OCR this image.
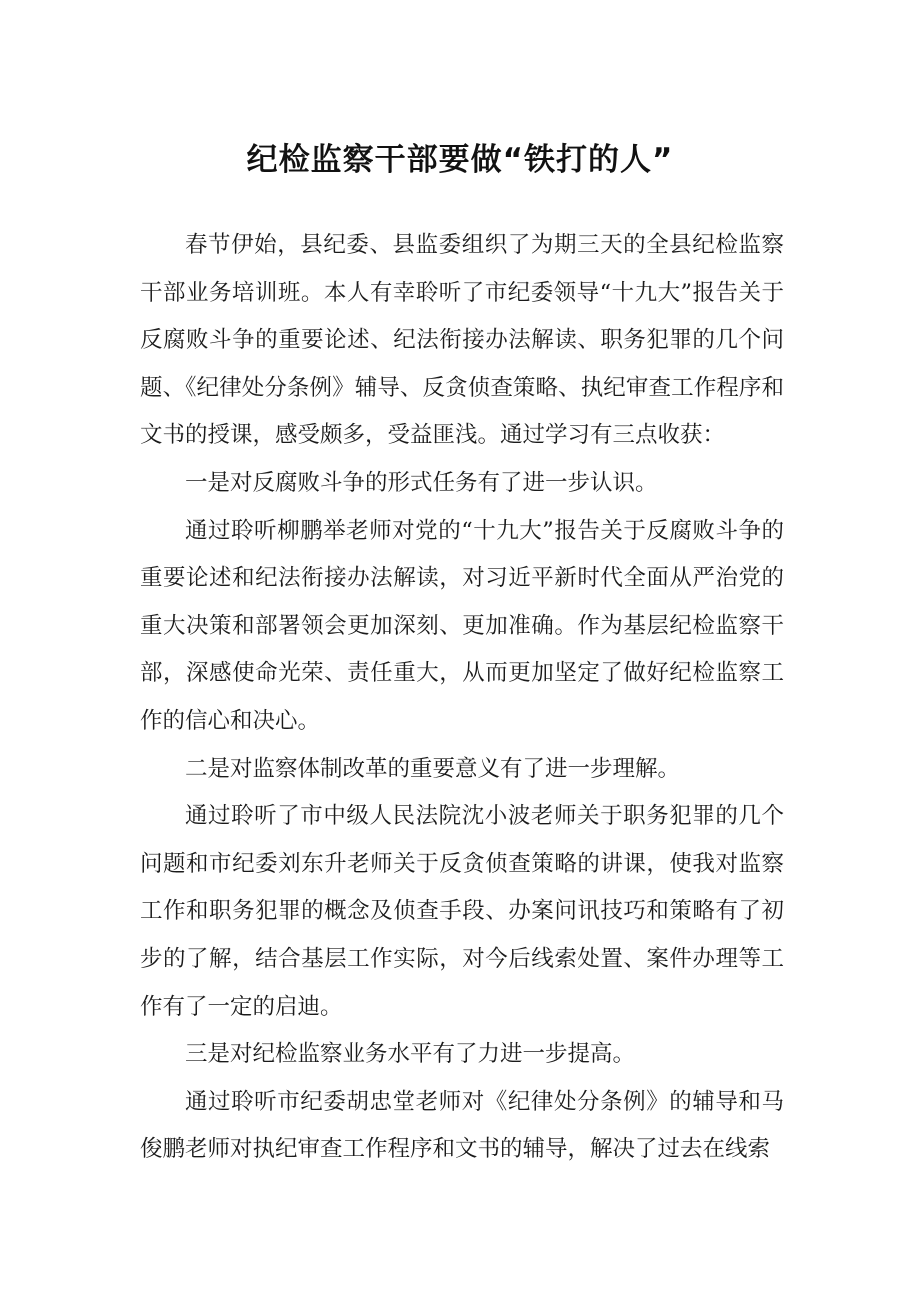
纪检监察干部要做“铁打的人”

春节伊始，县纪委、县监委组织了为期三天的全县纪检监察干部业务培训班。本人有幸聆听了市纪委领导“十九大”报告关于反腐败斗争的重要论述、纪法衔接办法解读、职务犯罪的几个问题、《纪律处分条例》辅导、反贪侦查策略、执纪审查工作程序和文书的授课，感受颇多，受益匪浅。通过学习有三点收获：

一是对反腐败斗争的形式任务有了进一步认识。

通过聆听柳鹏举老师对党的“十九大”报告关于反腐败斗争的重要论述和纪法衔接办法解读，对习近平新时代全面从严治党的重大决策和部署领会更加深刻、更加准确。作为基层纪检监察干部，深感使命光荣、责任重大，从而更加坚定了做好纪检监察工作的信心和决心。

二是对监察体制改革的重要意义有了进一步理解。

通过聆听了市中级人民法院沈小波老师关于职务犯罪的几个问题和市纪委刘东升老师关于反贪侦查策略的讲课，使我对监察工作和职务犯罪的概念及侦查手段、办案问讯技巧和策略有了初步的了解，结合基层工作实际，对今后线索处置、案件办理等工作有了一定的启迪。

三是对纪检监察业务水平有了力进一步提高。

通过聆听市纪委胡忠堂老师对《纪律处分条例》的辅导和马俊鹏老师对执纪审查工作程序和文书的辅导，解决了过去在线索
